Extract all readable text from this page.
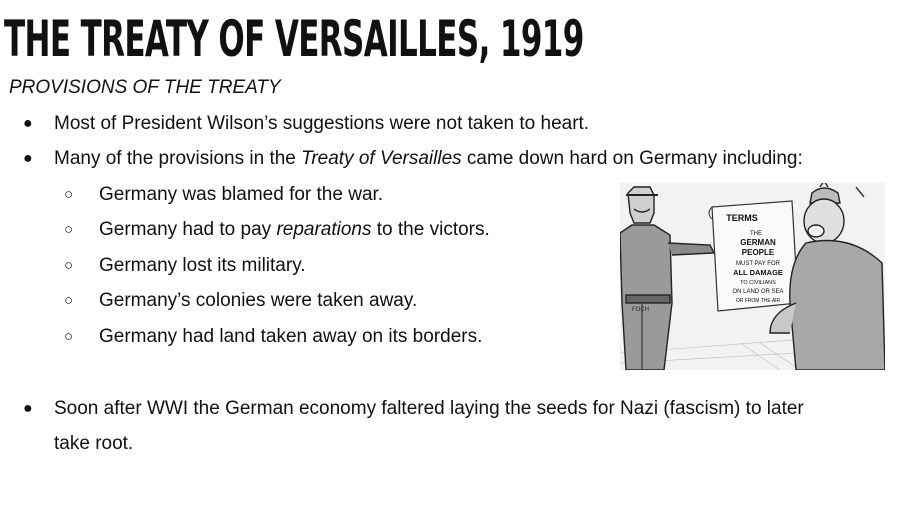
THE TREATY OF VERSAILLES, 1919
PROVISIONS OF THE TREATY
● Most of President Wilson’s suggestions were not taken to heart.
● Many of the provisions in the Treaty of Versailles came down hard on Germany including:
○ Germany was blamed for the war.
○ Germany had to pay reparations to the victors.
○ Germany lost its military.
○ Germany’s colonies were taken away.
○ Germany had land taken away on its borders.
● Soon after WWI the German economy faltered laying the seeds for Nazi (fascism) to later
take root.
FOCH
TERMS
THE
GERMAN
PEOPLE
MUST PAY FOR
ALL DAMAGE
TO CIVILIANS
ON LAND OR SEA
OR FROM THE AIR
